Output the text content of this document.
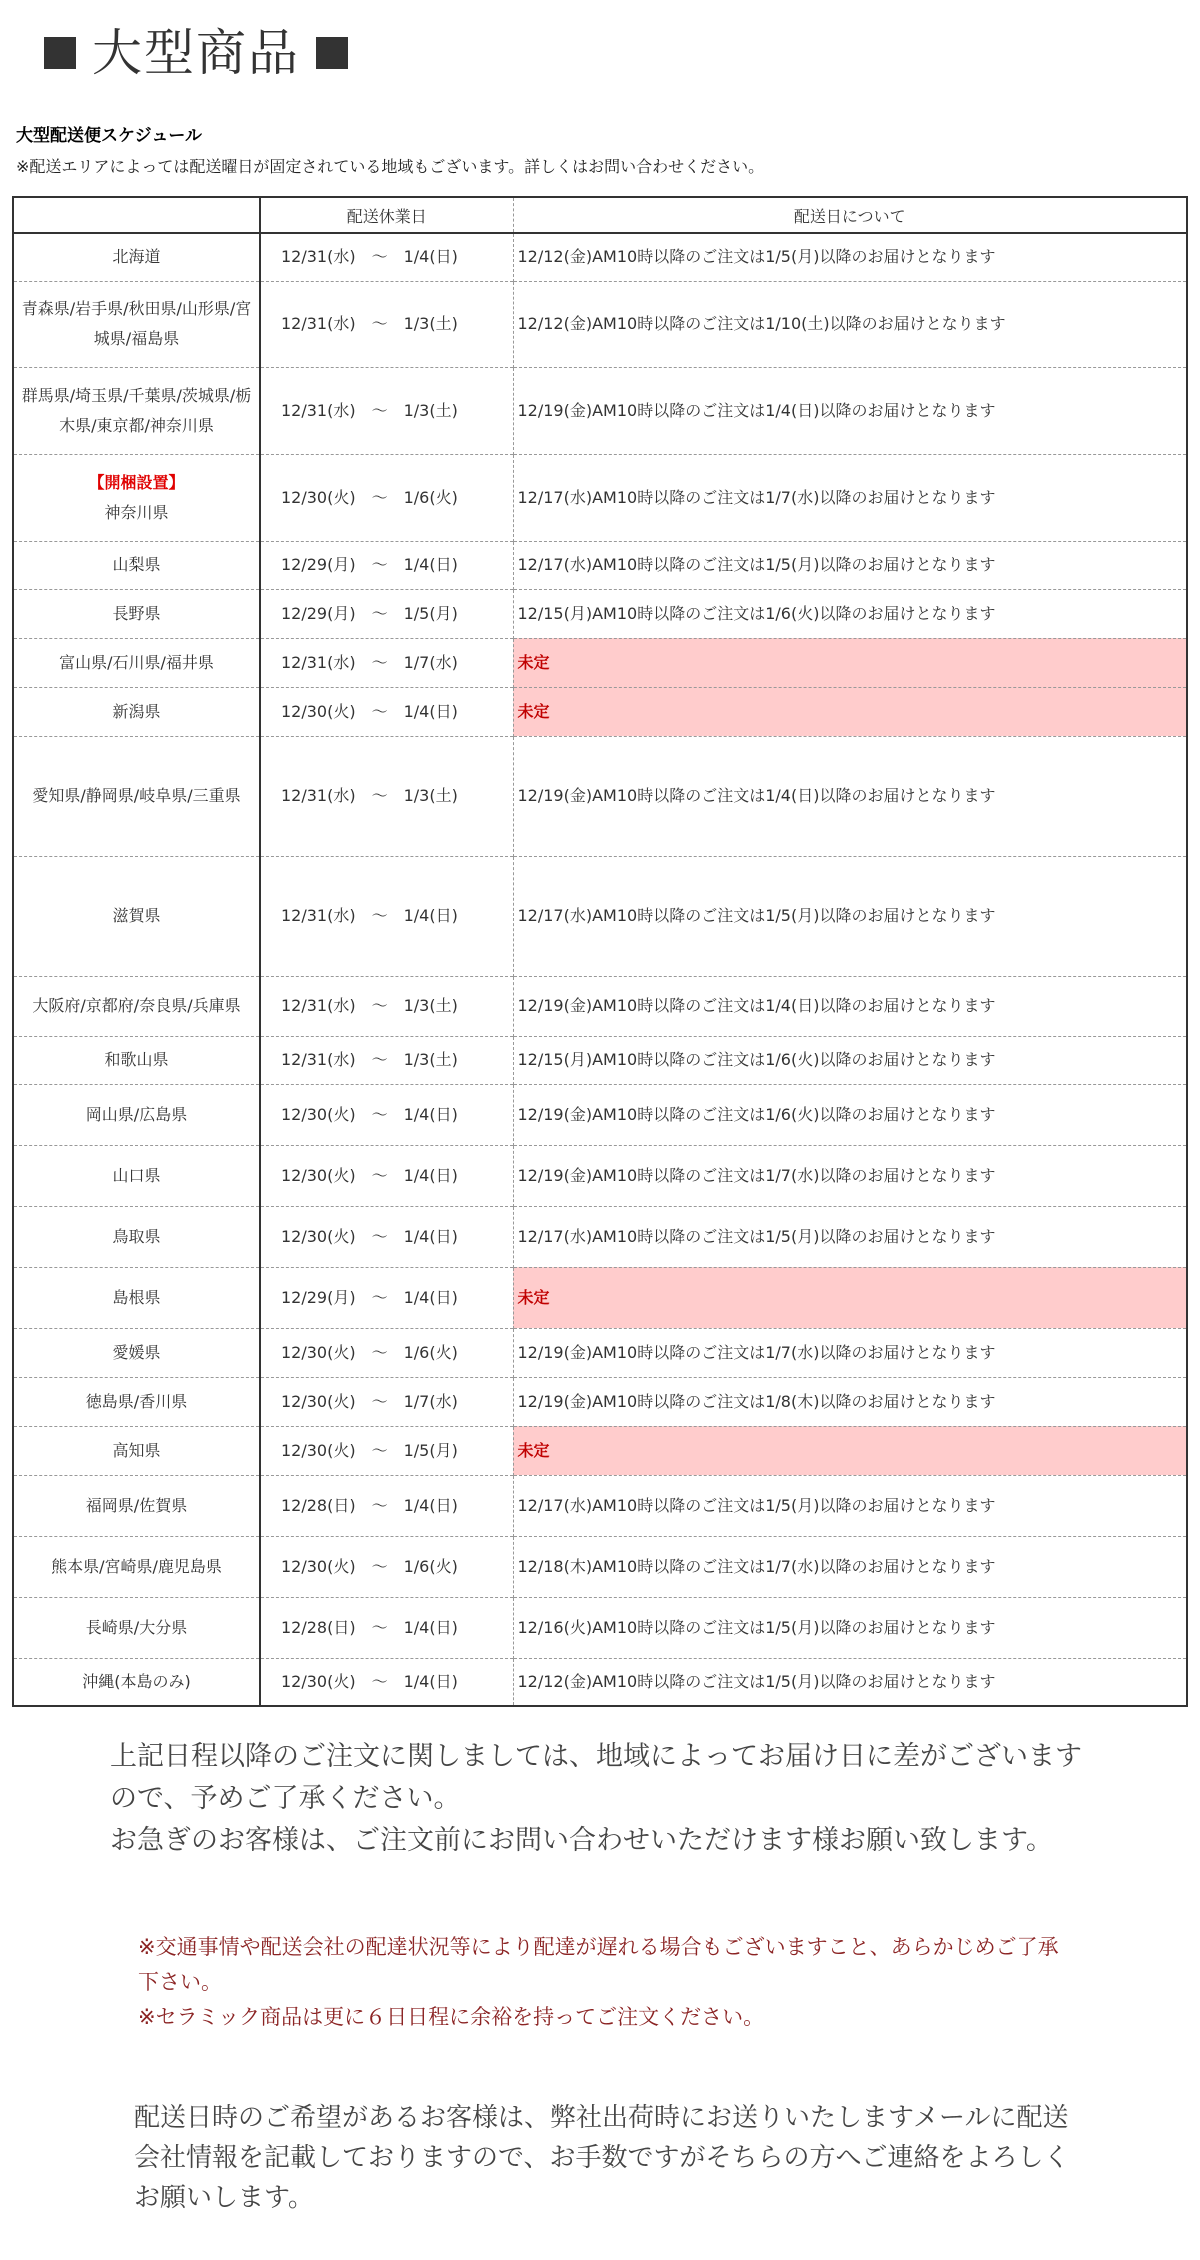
大型商品
大型配送便スケジュール
※配送エリアによっては配送曜日が固定されている地域もございます。詳しくはお問い合わせください。
	配送休業日	配送日について
北海道	12/31(水)　～　1/4(日)	12/12(金)AM10時以降のご注文は1/5(月)以降のお届けとなります
青森県/岩手県/秋田県/山形県/宮城県/福島県	12/31(水)　～　1/3(土)	12/12(金)AM10時以降のご注文は1/10(土)以降のお届けとなります
群馬県/埼玉県/千葉県/茨城県/栃木県/東京都/神奈川県	12/31(水)　～　1/3(土)	12/19(金)AM10時以降のご注文は1/4(日)以降のお届けとなります

【開梱設置】
神奈川県	12/30(火)　～　1/6(火)	12/17(水)AM10時以降のご注文は1/7(水)以降のお届けとなります
山梨県	12/29(月)　～　1/4(日)	12/17(水)AM10時以降のご注文は1/5(月)以降のお届けとなります
長野県	12/29(月)　～　1/5(月)	12/15(月)AM10時以降のご注文は1/6(火)以降のお届けとなります
富山県/石川県/福井県	12/31(水)　～　1/7(水)	未定
新潟県	12/30(火)　～　1/4(日)	未定
愛知県/静岡県/岐阜県/三重県	12/31(水)　～　1/3(土)	12/19(金)AM10時以降のご注文は1/4(日)以降のお届けとなります
滋賀県	12/31(水)　～　1/4(日)	12/17(水)AM10時以降のご注文は1/5(月)以降のお届けとなります
大阪府/京都府/奈良県/兵庫県	12/31(水)　～　1/3(土)	12/19(金)AM10時以降のご注文は1/4(日)以降のお届けとなります
和歌山県	12/31(水)　～　1/3(土)	12/15(月)AM10時以降のご注文は1/6(火)以降のお届けとなります
岡山県/広島県	12/30(火)　～　1/4(日)	12/19(金)AM10時以降のご注文は1/6(火)以降のお届けとなります
山口県	12/30(火)　～　1/4(日)	12/19(金)AM10時以降のご注文は1/7(水)以降のお届けとなります
鳥取県	12/30(火)　～　1/4(日)	12/17(水)AM10時以降のご注文は1/5(月)以降のお届けとなります
島根県	12/29(月)　～　1/4(日)	未定
愛媛県	12/30(火)　～　1/6(火)	12/19(金)AM10時以降のご注文は1/7(水)以降のお届けとなります
徳島県/香川県	12/30(火)　～　1/7(水)	12/19(金)AM10時以降のご注文は1/8(木)以降のお届けとなります
高知県	12/30(火)　～　1/5(月)	未定
福岡県/佐賀県	12/28(日)　～　1/4(日)	12/17(水)AM10時以降のご注文は1/5(月)以降のお届けとなります
熊本県/宮崎県/鹿児島県	12/30(火)　～　1/6(火)	12/18(木)AM10時以降のご注文は1/7(水)以降のお届けとなります
長崎県/大分県	12/28(日)　～　1/4(日)	12/16(火)AM10時以降のご注文は1/5(月)以降のお届けとなります
沖縄(本島のみ)	12/30(火)　～　1/4(日)	12/12(金)AM10時以降のご注文は1/5(月)以降のお届けとなります

上記日程以降のご注文に関しましては、地域によってお届け日に差がございますので、予めご了承ください。

お急ぎのお客様は、ご注文前にお問い合わせいただけます様お願い致します。

※交通事情や配送会社の配達状況等により配達が遅れる場合もございますこと、あらかじめご了承下さい。

※セラミック商品は更に６日日程に余裕を持ってご注文ください。

配送日時のご希望があるお客様は、弊社出荷時にお送りいたしますメールに配送会社情報を記載しておりますので、お手数ですがそちらの方へご連絡をよろしくお願いします。
